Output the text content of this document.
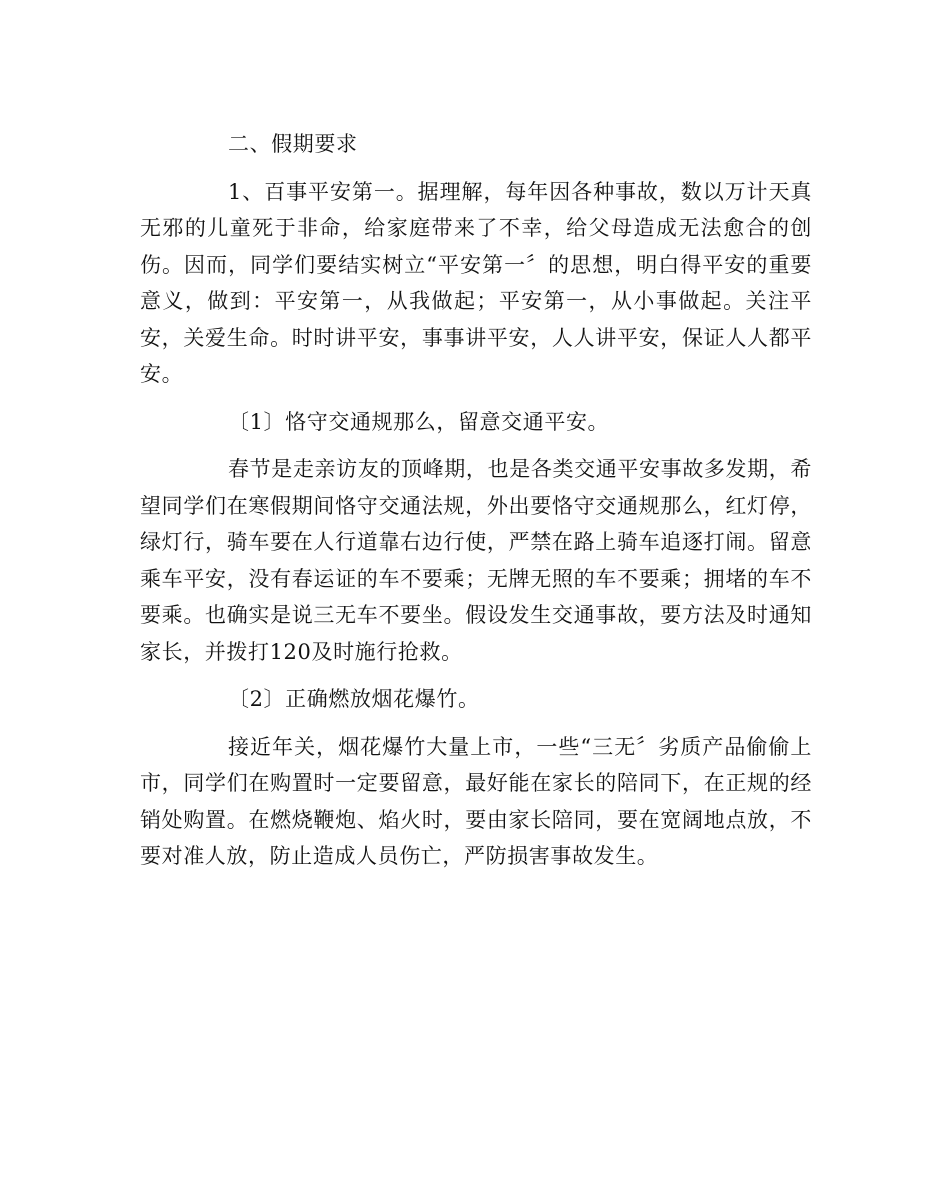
二、假期要求

1、百事平安第一。据理解，每年因各种事故，数以万计天真无邪的儿童死于非命，给家庭带来了不幸，给父母造成无法愈合的创伤。因而，同学们要结实树立“平安第一〞的思想，明白得平安的重要意义，做到：平安第一，从我做起；平安第一，从小事做起。关注平安，关爱生命。时时讲平安，事事讲平安，人人讲平安，保证人人都平安。

〔1〕恪守交通规那么，留意交通平安。

春节是走亲访友的顶峰期，也是各类交通平安事故多发期，希望同学们在寒假期间恪守交通法规，外出要恪守交通规那么，红灯停，绿灯行，骑车要在人行道靠右边行使，严禁在路上骑车追逐打闹。留意乘车平安，没有春运证的车不要乘；无牌无照的车不要乘；拥堵的车不要乘。也确实是说三无车不要坐。假设发生交通事故，要方法及时通知家长，并拨打120及时施行抢救。

〔2〕正确燃放烟花爆竹。

接近年关，烟花爆竹大量上市，一些“三无〞劣质产品偷偷上市，同学们在购置时一定要留意，最好能在家长的陪同下，在正规的经销处购置。在燃烧鞭炮、焰火时，要由家长陪同，要在宽阔地点放，不要对准人放，防止造成人员伤亡，严防损害事故发生。
